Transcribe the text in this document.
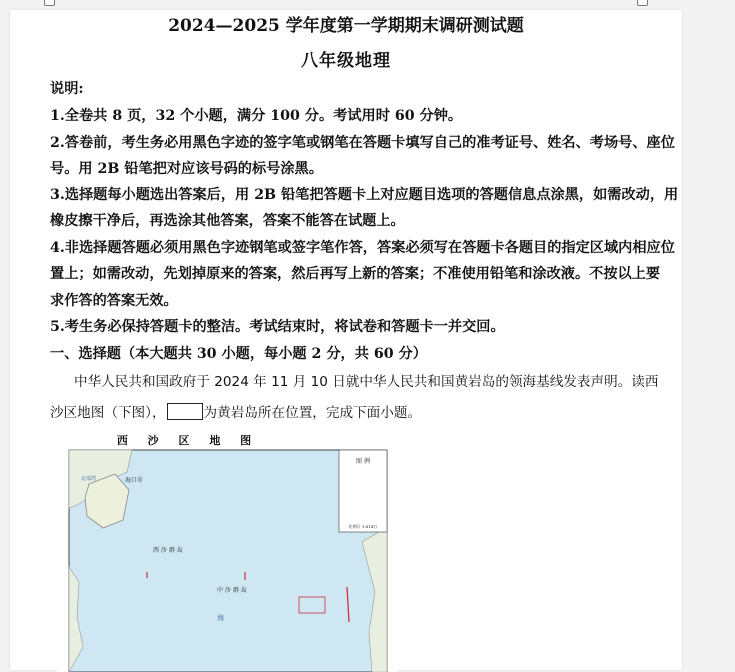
2024—2025 学年度第一学期期末调研测试题
八年级地理
说明:
1.全卷共 8 页，32 个小题，满分 100 分。考试用时 60 分钟。
2.答卷前，考生务必用黑色字迹的签字笔或钢笔在答题卡填写自己的准考证号、姓名、考场号、座位
号。用 2B 铅笔把对应该号码的标号涂黑。
3.选择题每小题选出答案后，用 2B 铅笔把答题卡上对应题目选项的答题信息点涂黑，如需改动，用
橡皮擦干净后，再选涂其他答案，答案不能答在试题上。
4.非选择题答题必须用黑色字迹钢笔或签字笔作答，答案必须写在答题卡各题目的指定区域内相应位
置上；如需改动，先划掉原来的答案，然后再写上新的答案；不准使用铅笔和涂改液。不按以上要
求作答的答案无效。
5.考生务必保持答题卡的整洁。考试结束时，将试卷和答题卡一并交回。
一、选择题（本大题共 30 小题，每小题 2 分，共 60 分）
中华人民共和国政府于 2024 年 11 月 10 日就中华人民共和国黄岩岛的领海基线发表声明。读西
沙区地图（下图），	为黄岩岛所在位置，完成下面小题。
西 沙 区 地 图
图 例
比例尺 1:814万
海口市
北部湾
西 沙 群 岛
中 沙 群 岛
海
